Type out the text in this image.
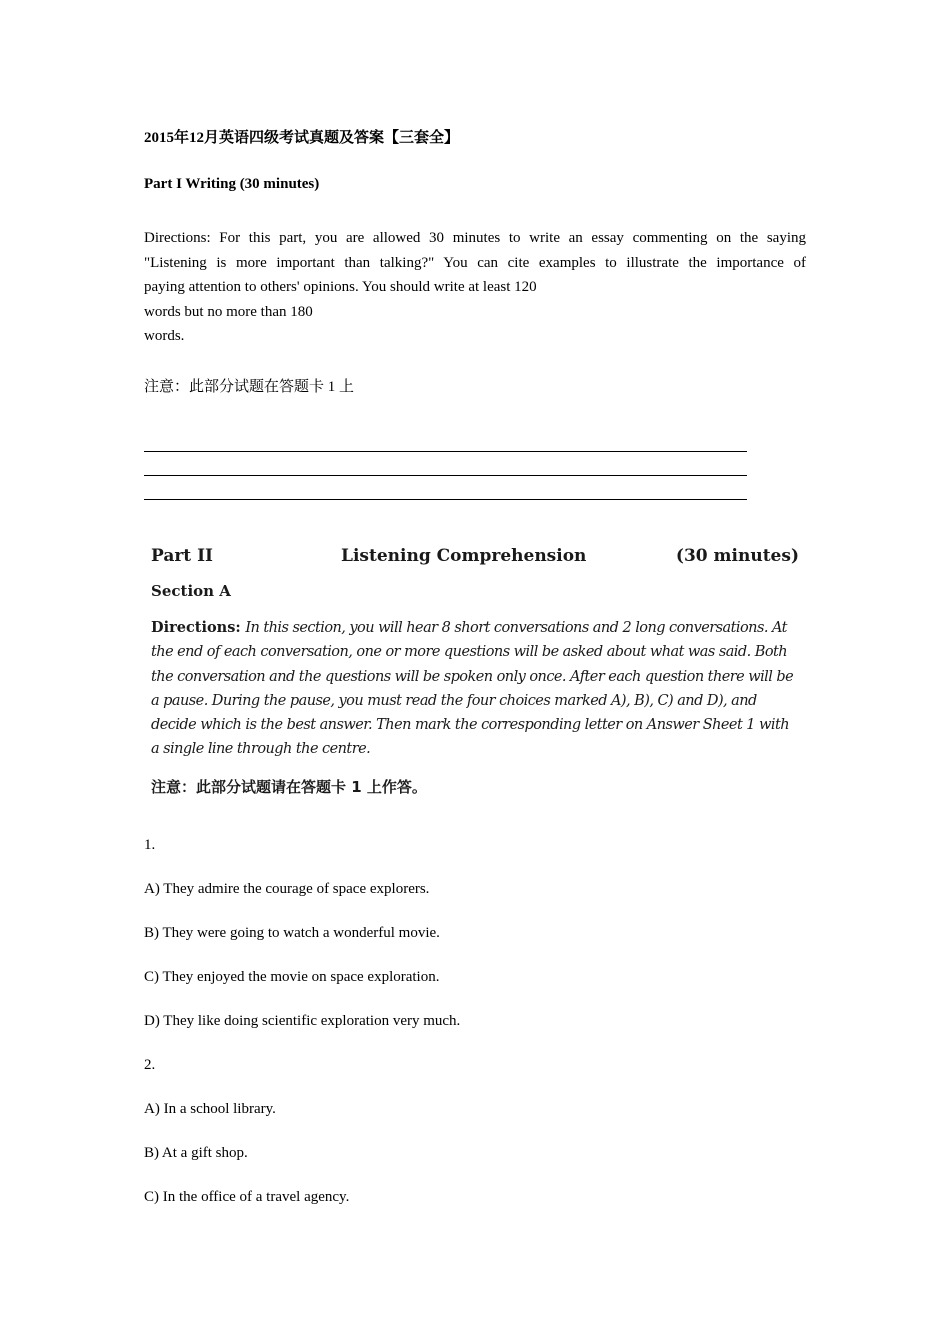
2015年12月英语四级考试真题及答案【三套全】
Part I Writing (30 minutes)
Directions: For this part, you are allowed 30 minutes to write an essay commenting on the saying
"Listening is more important than talking?" You can cite examples to illustrate the importance of
paying attention to others' opinions. You should write at least 120
words but no more than 180
words.
注意：此部分试题在答题卡 1 上
Part II	Listening Comprehension	(30 minutes)
Section A
Directions: In this section, you will hear 8 short conversations and 2 long conversations. At the end of each conversation, one or more questions will be asked about what was said. Both the conversation and the questions will be spoken only once. After each question there will be a pause. During the pause, you must read the four choices marked A), B), C) and D), and decide which is the best answer. Then mark the corresponding letter on Answer Sheet 1 with a single line through the centre.
注意：此部分试题请在答题卡 1 上作答。
1.
A) They admire the courage of space explorers.
B) They were going to watch a wonderful movie.
C) They enjoyed the movie on space exploration.
D) They like doing scientific exploration very much.
2.
A) In a school library.
B) At a gift shop.
C) In the office of a travel agency.
